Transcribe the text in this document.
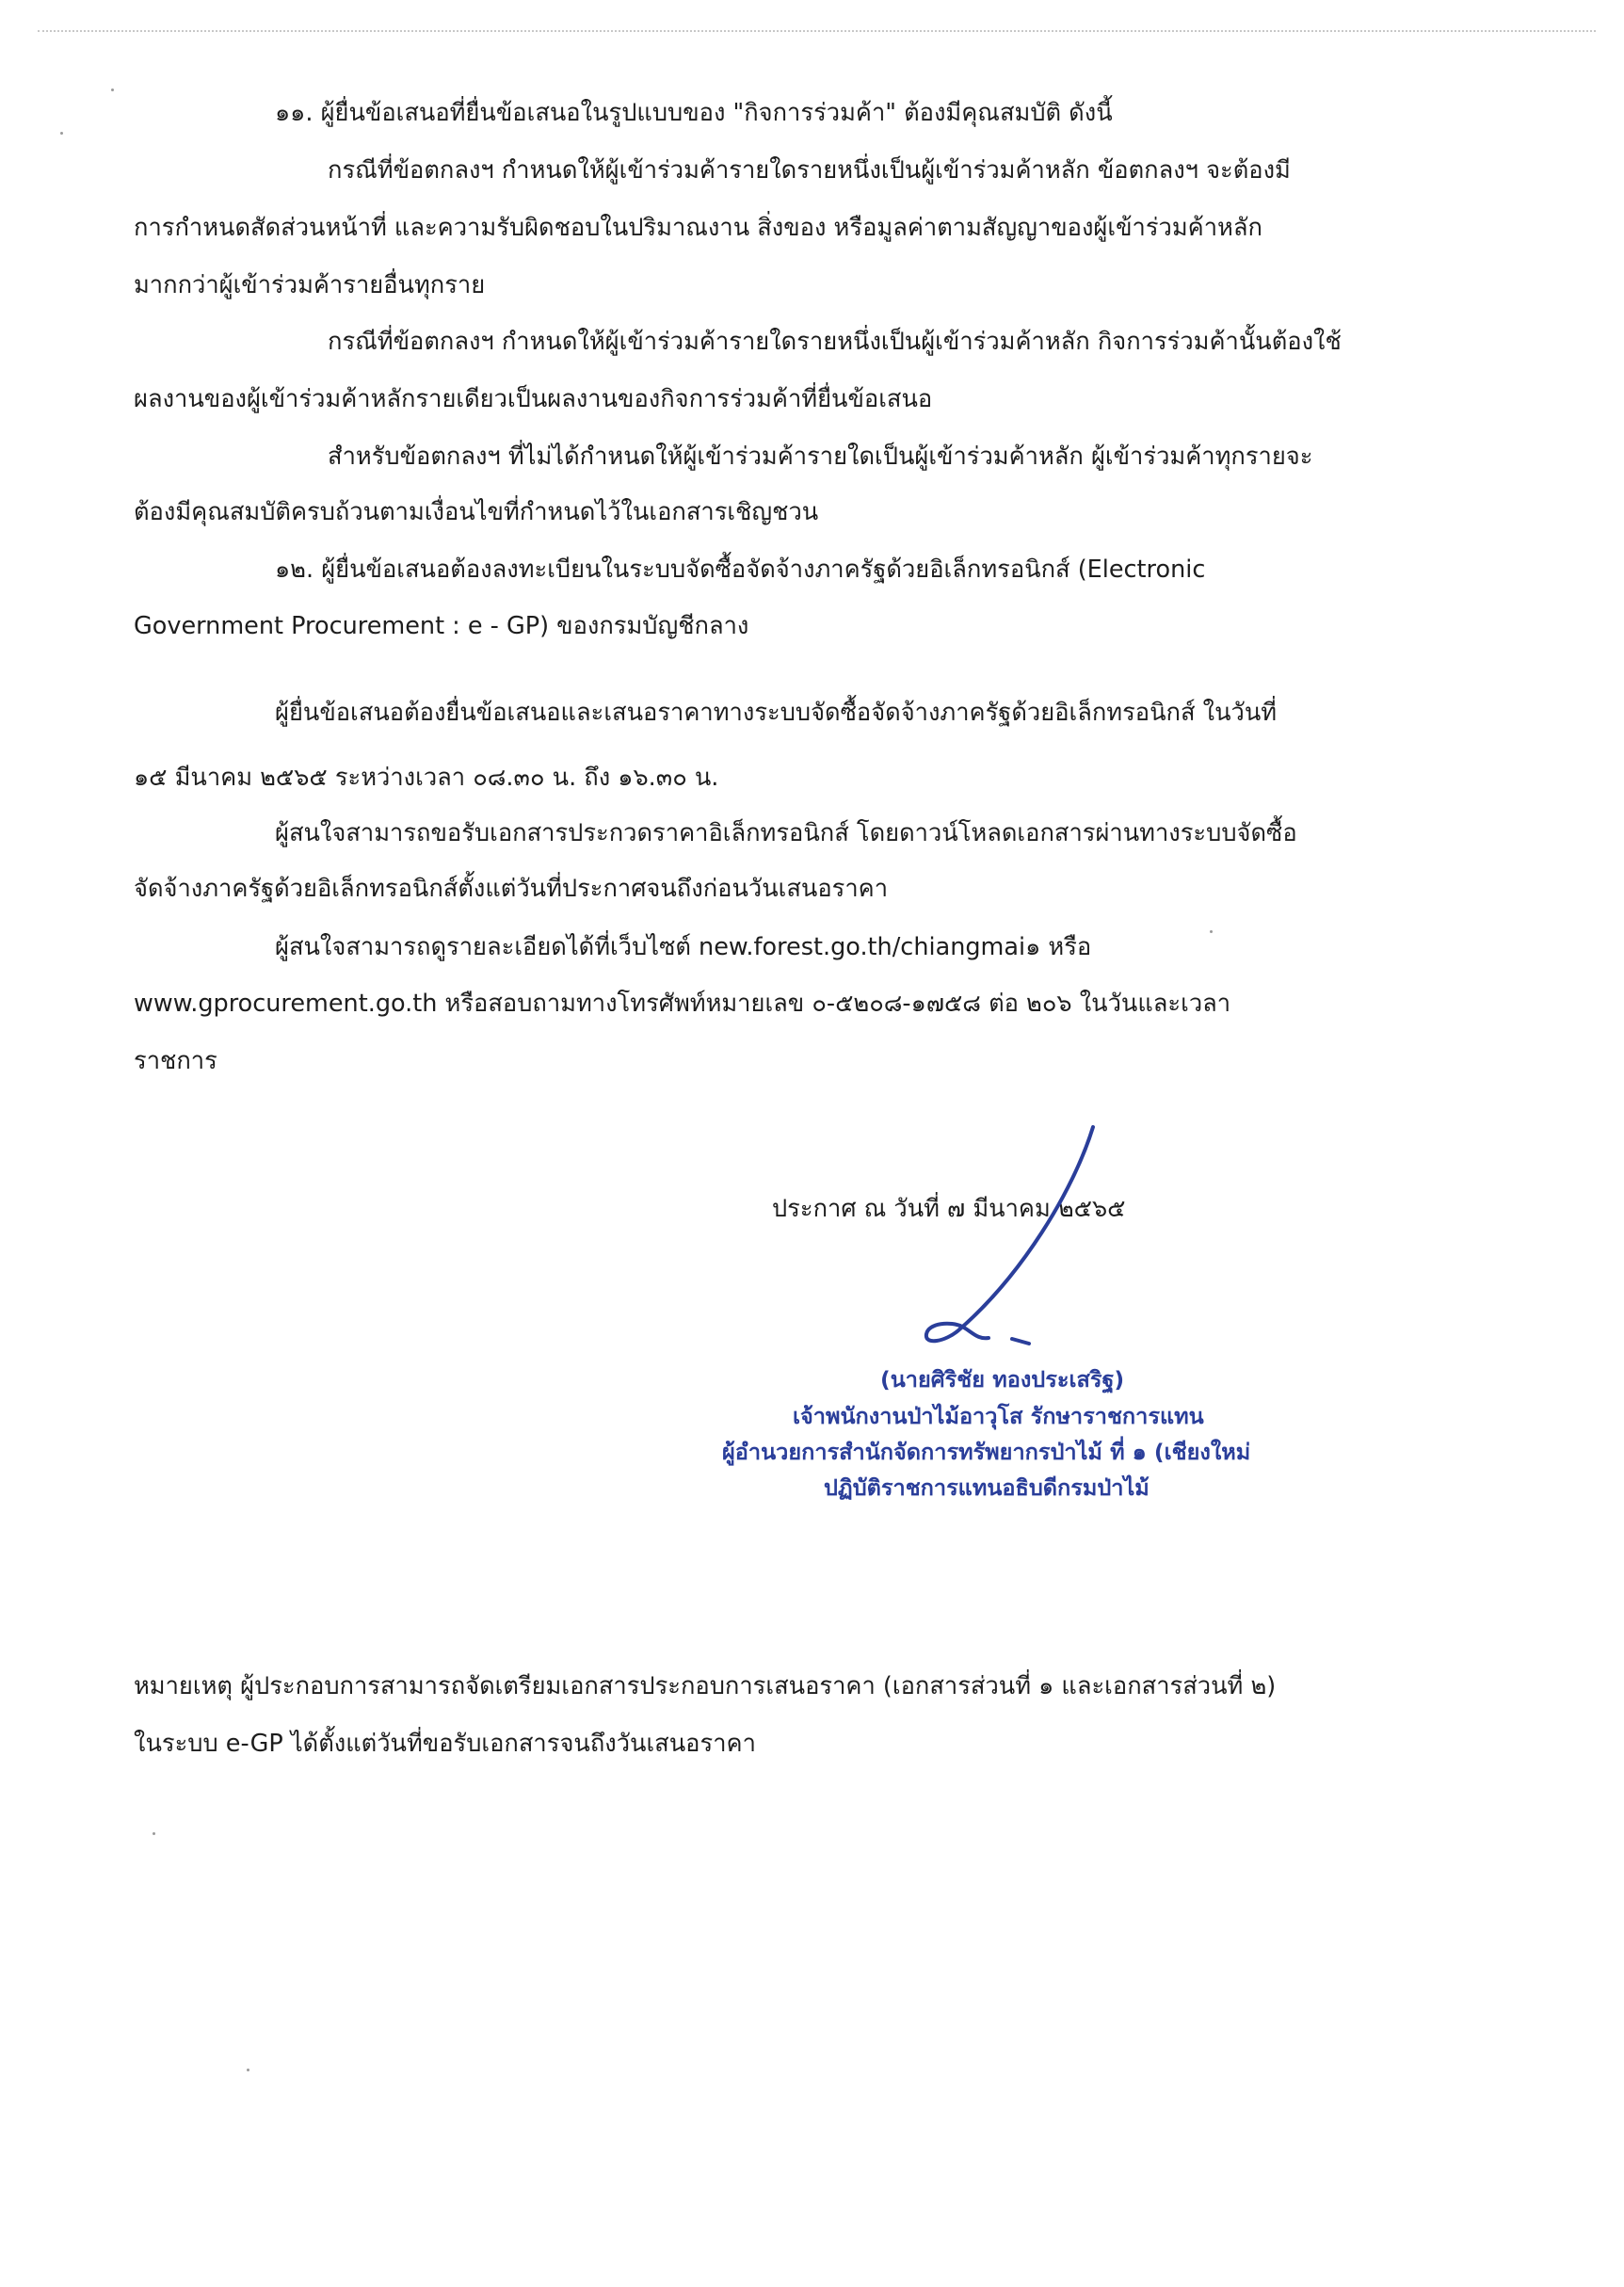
๑๑. ผู้ยื่นข้อเสนอที่ยื่นข้อเสนอในรูปแบบของ "กิจการร่วมค้า" ต้องมีคุณสมบัติ ดังนี้
กรณีที่ข้อตกลงฯ กำหนดให้ผู้เข้าร่วมค้ารายใดรายหนึ่งเป็นผู้เข้าร่วมค้าหลัก ข้อตกลงฯ จะต้องมี
การกำหนดสัดส่วนหน้าที่ และความรับผิดชอบในปริมาณงาน สิ่งของ หรือมูลค่าตามสัญญาของผู้เข้าร่วมค้าหลัก
มากกว่าผู้เข้าร่วมค้ารายอื่นทุกราย
กรณีที่ข้อตกลงฯ กำหนดให้ผู้เข้าร่วมค้ารายใดรายหนึ่งเป็นผู้เข้าร่วมค้าหลัก กิจการร่วมค้านั้นต้องใช้
ผลงานของผู้เข้าร่วมค้าหลักรายเดียวเป็นผลงานของกิจการร่วมค้าที่ยื่นข้อเสนอ
สำหรับข้อตกลงฯ ที่ไม่ได้กำหนดให้ผู้เข้าร่วมค้ารายใดเป็นผู้เข้าร่วมค้าหลัก ผู้เข้าร่วมค้าทุกรายจะ
ต้องมีคุณสมบัติครบถ้วนตามเงื่อนไขที่กำหนดไว้ในเอกสารเชิญชวน
๑๒. ผู้ยื่นข้อเสนอต้องลงทะเบียนในระบบจัดซื้อจัดจ้างภาครัฐด้วยอิเล็กทรอนิกส์ (Electronic
Government Procurement : e - GP) ของกรมบัญชีกลาง
ผู้ยื่นข้อเสนอต้องยื่นข้อเสนอและเสนอราคาทางระบบจัดซื้อจัดจ้างภาครัฐด้วยอิเล็กทรอนิกส์ ในวันที่
๑๕ มีนาคม ๒๕๖๕ ระหว่างเวลา ๐๘.๓๐ น. ถึง ๑๖.๓๐ น.
ผู้สนใจสามารถขอรับเอกสารประกวดราคาอิเล็กทรอนิกส์ โดยดาวน์โหลดเอกสารผ่านทางระบบจัดซื้อ
จัดจ้างภาครัฐด้วยอิเล็กทรอนิกส์ตั้งแต่วันที่ประกาศจนถึงก่อนวันเสนอราคา
ผู้สนใจสามารถดูรายละเอียดได้ที่เว็บไซต์ new.forest.go.th/chiangmai๑ หรือ
www.gprocurement.go.th หรือสอบถามทางโทรศัพท์หมายเลข ๐-๕๒๐๘-๑๗๕๘ ต่อ ๒๐๖ ในวันและเวลา
ราชการ
ประกาศ ณ วันที่ ๗ มีนาคม ๒๕๖๕
(นายศิริชัย ทองประเสริฐ)
เจ้าพนักงานป่าไม้อาวุโส รักษาราชการแทน
ผู้อำนวยการสำนักจัดการทรัพยากรป่าไม้ ที่ ๑ (เชียงใหม่
ปฏิบัติราชการแทนอธิบดีกรมป่าไม้
หมายเหตุ ผู้ประกอบการสามารถจัดเตรียมเอกสารประกอบการเสนอราคา (เอกสารส่วนที่ ๑ และเอกสารส่วนที่ ๒)
ในระบบ e-GP ได้ตั้งแต่วันที่ขอรับเอกสารจนถึงวันเสนอราคา
